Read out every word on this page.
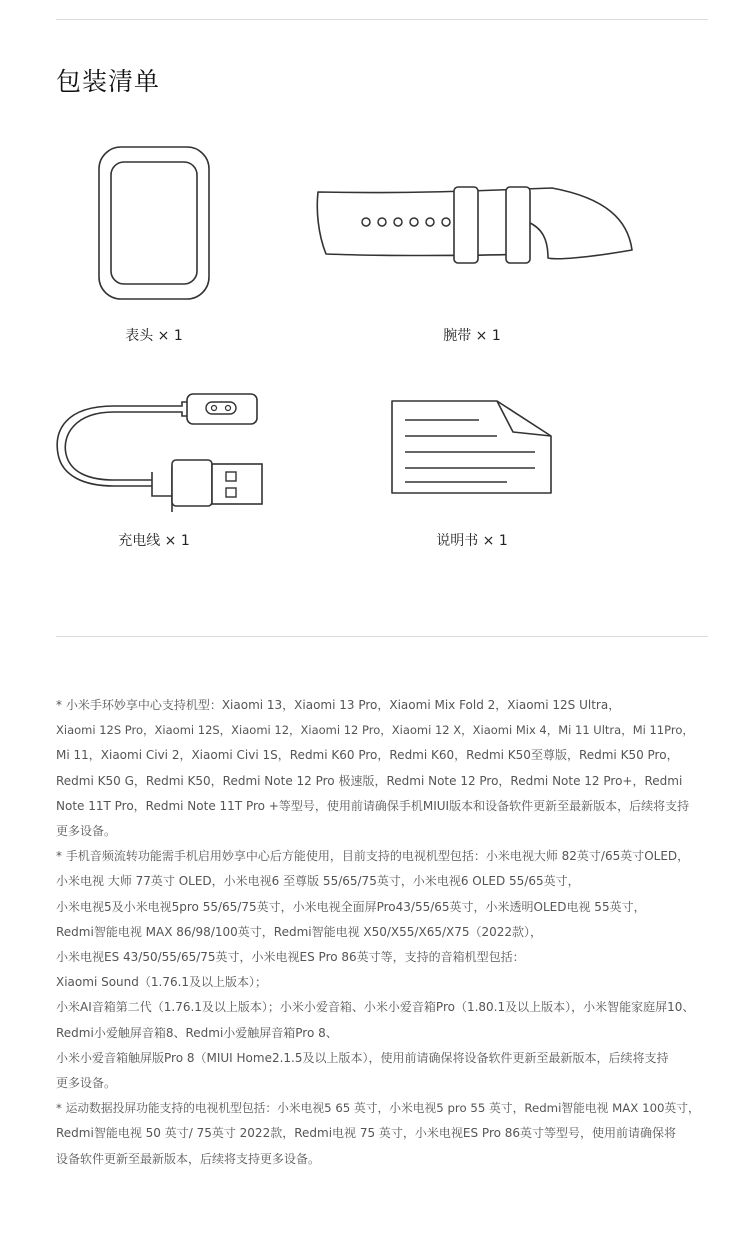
包装清单
表头 × 1	腕带 × 1
充电线 × 1	说明书 × 1
* 小米手环妙享中心支持机型：Xiaomi 13，Xiaomi 13 Pro，Xiaomi Mix Fold 2，Xiaomi 12S Ultra，
Xiaomi 12S Pro，Xiaomi 12S，Xiaomi 12，Xiaomi 12 Pro，Xiaomi 12 X，Xiaomi Mix 4，Mi 11 Ultra，Mi 11Pro，
Mi 11，Xiaomi Civi 2，Xiaomi Civi 1S，Redmi K60 Pro，Redmi K60，Redmi K50至尊版，Redmi K50 Pro，
Redmi K50 G，Redmi K50，Redmi Note 12 Pro 极速版，Redmi Note 12 Pro，Redmi Note 12 Pro+，Redmi
Note 11T Pro，Redmi Note 11T Pro +等型号，使用前请确保手机MIUI版本和设备软件更新至最新版本，后续将支持
更多设备。
* 手机音频流转功能需手机启用妙享中心后方能使用，目前支持的电视机型包括：小米电视大师 82英寸/65英寸OLED，
小米电视 大师 77英寸 OLED，小米电视6 至尊版 55/65/75英寸，小米电视6 OLED 55/65英寸，
小米电视5及小米电视5pro 55/65/75英寸，小米电视全面屏Pro43/55/65英寸，小米透明OLED电视 55英寸，
Redmi智能电视 MAX 86/98/100英寸，Redmi智能电视 X50/X55/X65/X75（2022款），
小米电视ES 43/50/55/65/75英寸，小米电视ES Pro 86英寸等，支持的音箱机型包括：
Xiaomi Sound（1.76.1及以上版本）；
小米AI音箱第二代（1.76.1及以上版本）；小米小爱音箱、小米小爱音箱Pro（1.80.1及以上版本），小米智能家庭屏10、
Redmi小爱触屏音箱8、Redmi小爱触屏音箱Pro 8、
小米小爱音箱触屏版Pro 8（MIUI Home2.1.5及以上版本），使用前请确保将设备软件更新至最新版本，后续将支持
更多设备。
* 运动数据投屏功能支持的电视机型包括：小米电视5 65 英寸，小米电视5 pro 55 英寸，Redmi智能电视 MAX 100英寸，
Redmi智能电视 50 英寸/ 75英寸 2022款，Redmi电视 75 英寸，小米电视ES Pro 86英寸等型号，使用前请确保将
设备软件更新至最新版本，后续将支持更多设备。
